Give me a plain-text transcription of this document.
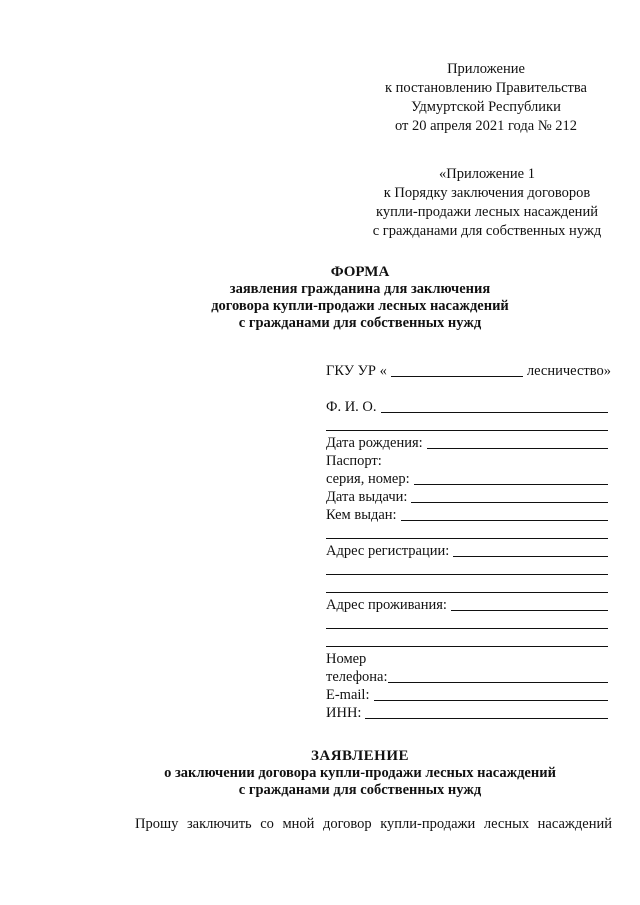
Приложение
к постановлению Правительства
Удмуртской Республики
от 20 апреля 2021 года № 212
«Приложение 1
к Порядку заключения договоров
купли-продажи лесных насаждений
с гражданами для собственных нужд
ФОРМА
заявления гражданина для заключения
договора купли-продажи лесных насаждений
с гражданами для собственных нужд
ГКУ УР «	лесничество»
Ф. И. О.
Дата рождения:
Паспорт:
серия, номер:
Дата выдачи:
Кем выдан:
Адрес регистрации:
Адрес проживания:
Номер
телефона:
E-mail:
ИНН:
ЗАЯВЛЕНИЕ
о заключении договора купли-продажи лесных насаждений
с гражданами для собственных нужд
Прошу заключить со мной договор купли-продажи лесных насаждений
